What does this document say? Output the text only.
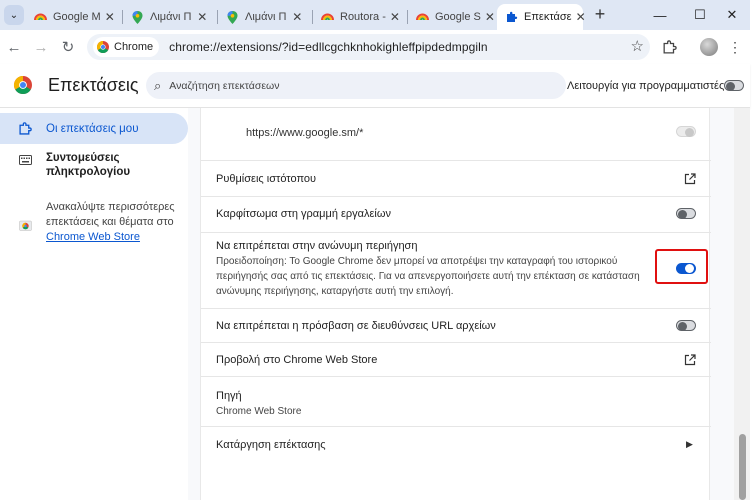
⌄	Google M ✕	Λιμάνι Π ✕	Λιμάνι Π ✕	Routora - ✕	Google S ✕	Επεκτάσε ✕ +	—	☐	✕
← → ↻	Chrome chrome://extensions/?id=edllcgchknhokighleffpipdedmpgiln	☆	⋮
Επεκτάσεις ⌕
Αναζήτηση επεκτάσεων	Λειτουργία για προγραμματιστές
Οι επεκτάσεις μου
Συντομεύσεις πληκτρολογίου
Ανακαλύψτε περισσότερες επεκτάσεις και θέματα στο Chrome Web Store
https://www.google.sm/*
Ρυθμίσεις ιστότοπου
Καρφίτσωμα στη γραμμή εργαλείων
Να επιτρέπεται στην ανώνυμη περιήγηση
Προειδοποίηση: Το Google Chrome δεν μπορεί να αποτρέψει την καταγραφή του ιστορικού
περιήγησής σας από τις επεκτάσεις. Για να απενεργοποιήσετε αυτή την επέκταση σε κατάσταση
ανώνυμης περιήγησης, καταργήστε αυτή την επιλογή.
Να επιτρέπεται η πρόσβαση σε διευθύνσεις URL αρχείων
Προβολή στο Chrome Web Store
Πηγή
Chrome Web Store
Κατάργηση επέκτασης	▶
